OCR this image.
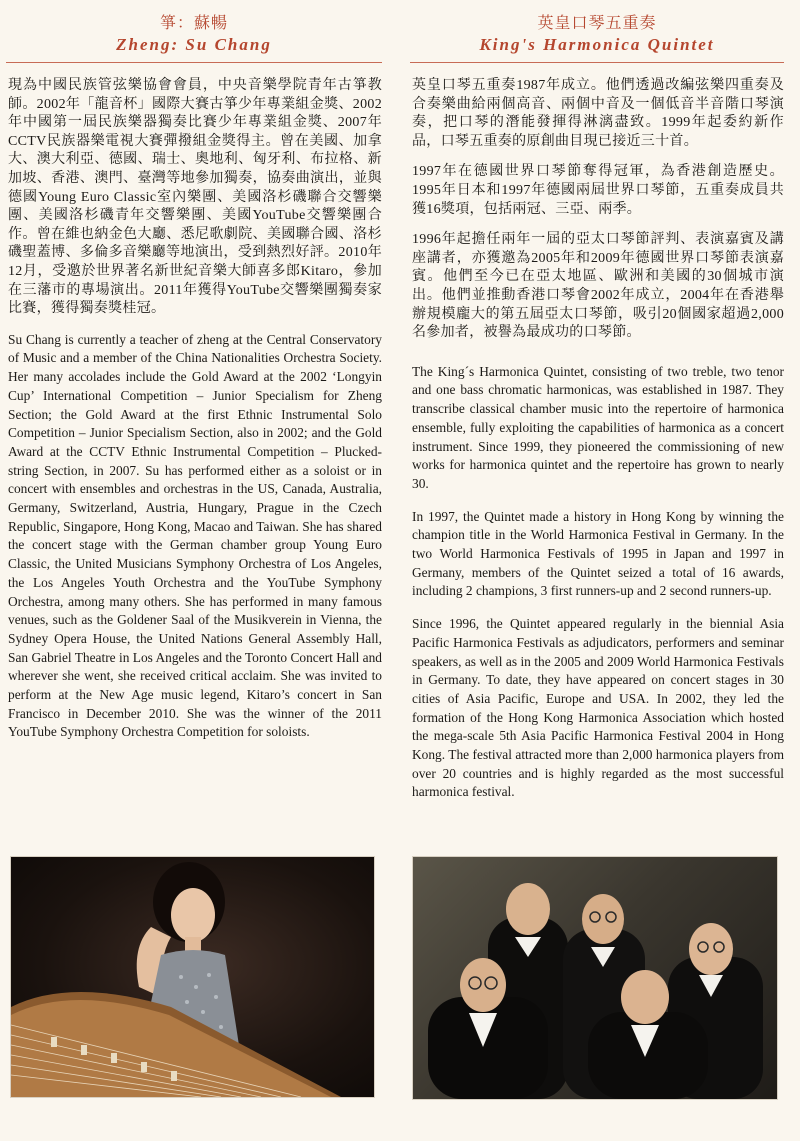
箏：蘇暢
Zheng: Su Chang

現為中國民族管弦樂協會會員，中央音樂學院青年古箏教師。2002年「龍音杯」國際大賽古箏少年專業組金獎、2002年中國第一屆民族樂器獨奏比賽少年專業組金獎、2007年CCTV民族器樂電視大賽彈撥組金獎得主。曾在美國、加拿大、澳大利亞、德國、瑞士、奧地利、匈牙利、布拉格、新加坡、香港、澳門、臺灣等地參加獨奏，協奏曲演出，並與德國Young Euro Classic室內樂團、美國洛杉磯聯合交響樂團、美國洛杉磯青年交響樂團、美國YouTube交響樂團合作。曾在維也納金色大廳、悉尼歌劇院、美國聯合國、洛杉磯聖蓋博、多倫多音樂廳等地演出，受到熱烈好評。2010年12月，受邀於世界著名新世紀音樂大師喜多郎Kitaro，參加在三藩市的專場演出。2011年獲得YouTube交響樂團獨奏家比賽，獲得獨奏獎桂冠。

Su Chang is currently a teacher of zheng at the Central Conservatory of Music and a member of the China Nationalities Orchestra Society. Her many accolades include the Gold Award at the 2002 ‘Longyin Cup’ International Competition – Junior Specialism for Zheng Section; the Gold Award at the first Ethnic Instrumental Solo Competition – Junior Specialism Section, also in 2002; and the Gold Award at the CCTV Ethnic Instrumental Competition – Plucked-string Section, in 2007. Su has performed either as a soloist or in concert with ensembles and orchestras in the US, Canada, Australia, Germany, Switzerland, Austria, Hungary, Prague in the Czech Republic, Singapore, Hong Kong, Macao and Taiwan. She has shared the concert stage with the German chamber group Young Euro Classic, the United Musicians Symphony Orchestra of Los Angeles, the Los Angeles Youth Orchestra and the YouTube Symphony Orchestra, among many others. She has performed in many famous venues, such as the Goldener Saal of the Musikverein in Vienna, the Sydney Opera House, the United Nations General Assembly Hall, San Gabriel Theatre in Los Angeles and the Toronto Concert Hall and wherever she went, she received critical acclaim. She was invited to perform at the New Age music legend, Kitaro’s concert in San Francisco in December 2010. She was the winner of the 2011 YouTube Symphony Orchestra Competition for soloists.

英皇口琴五重奏
King's Harmonica Quintet

英皇口琴五重奏1987年成立。他們透過改編弦樂四重奏及合奏樂曲給兩個高音、兩個中音及一個低音半音階口琴演奏，把口琴的潛能發揮得淋漓盡致。1999年起委約新作品，口琴五重奏的原創曲目現已接近三十首。

1997年在德國世界口琴節奪得冠軍，為香港創造歷史。1995年日本和1997年德國兩屆世界口琴節，五重奏成員共獲16獎項，包括兩冠、三亞、兩季。

1996年起擔任兩年一屆的亞太口琴節評判、表演嘉賓及講座講者，亦獲邀為2005年和2009年德國世界口琴節表演嘉賓。他們至今已在亞太地區、歐洲和美國的30個城市演出。他們並推動香港口琴會2002年成立，2004年在香港舉辦規模龐大的第五屆亞太口琴節，吸引20個國家超過2,000名參加者，被譽為最成功的口琴節。

The King´s Harmonica Quintet, consisting of two treble, two tenor and one bass chromatic harmonicas, was established in 1987. They transcribe classical chamber music into the repertoire of harmonica ensemble, fully exploiting the capabilities of harmonica as a concert instrument. Since 1999, they pioneered the commissioning of new works for harmonica quintet and the repertoire has grown to nearly 30.

In 1997, the Quintet made a history in Hong Kong by winning the champion title in the World Harmonica Festival in Germany. In the two World Harmonica Festivals of 1995 in Japan and 1997 in Germany, members of the Quintet seized a total of 16 awards, including 2 champions, 3 first runners-up and 2 second runners-up.

Since 1996, the Quintet appeared regularly in the biennial Asia Pacific Harmonica Festivals as adjudicators, performers and seminar speakers, as well as in the 2005 and 2009 World Harmonica Festivals in Germany. To date, they have appeared on concert stages in 30 cities of Asia Pacific, Europe and USA. In 2002, they led the formation of the Hong Kong Harmonica Association which hosted the mega-scale 5th Asia Pacific Harmonica Festival 2004 in Hong Kong. The festival attracted more than 2,000 harmonica players from over 20 countries and is highly regarded as the most successful harmonica festival.
